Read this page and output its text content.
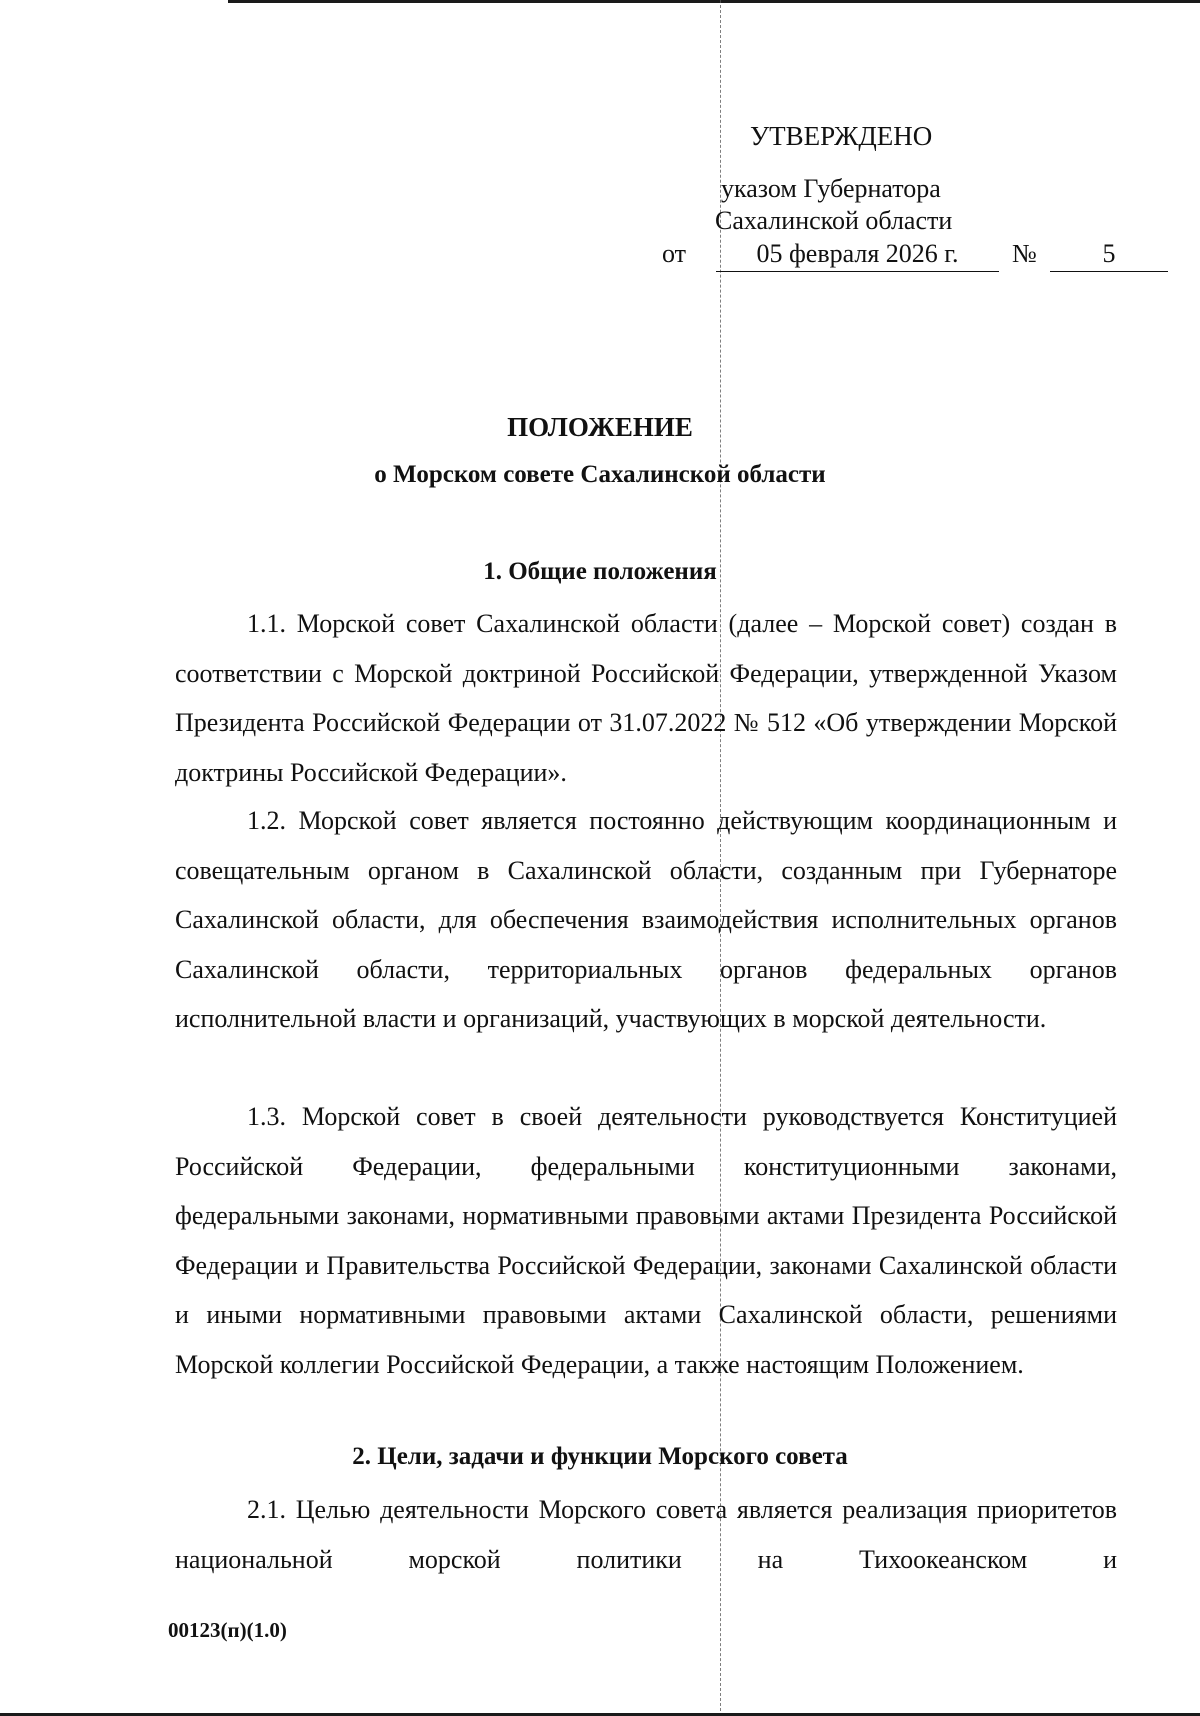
УТВЕРЖДЕНО
указом Губернатора
Сахалинской области
от	05 февраля 2026 г.	№	5
ПОЛОЖЕНИЕ
о Морском совете Сахалинской области
1. Общие положения
1.1. Морской совет Сахалинской области (далее – Морской совет) создан в соответствии с Морской доктриной Российской Федерации, утвержденной Указом Президента Российской Федерации от 31.07.2022 № 512 «Об утверждении Морской доктрины Российской Федерации».
1.2. Морской совет является постоянно действующим координационным и совещательным органом в Сахалинской области, созданным при Губернаторе Сахалинской области, для обеспечения взаимодействия исполнительных органов Сахалинской области, территориальных органов федеральных органов исполнительной власти и организаций, участвующих в морской деятельности.
1.3. Морской совет в своей деятельности руководствуется Конституцией Российской Федерации, федеральными конституционными законами, федеральными законами, нормативными правовыми актами Президента Российской Федерации и Правительства Российской Федерации, законами Сахалинской области и иными нормативными правовыми актами Сахалинской области, решениями Морской коллегии Российской Федерации, а также настоящим Положением.
2. Цели, задачи и функции Морского совета
2.1. Целью деятельности Морского совета является реализация приоритетов национальной морской политики на Тихоокеанском и
00123(п)(1.0)
